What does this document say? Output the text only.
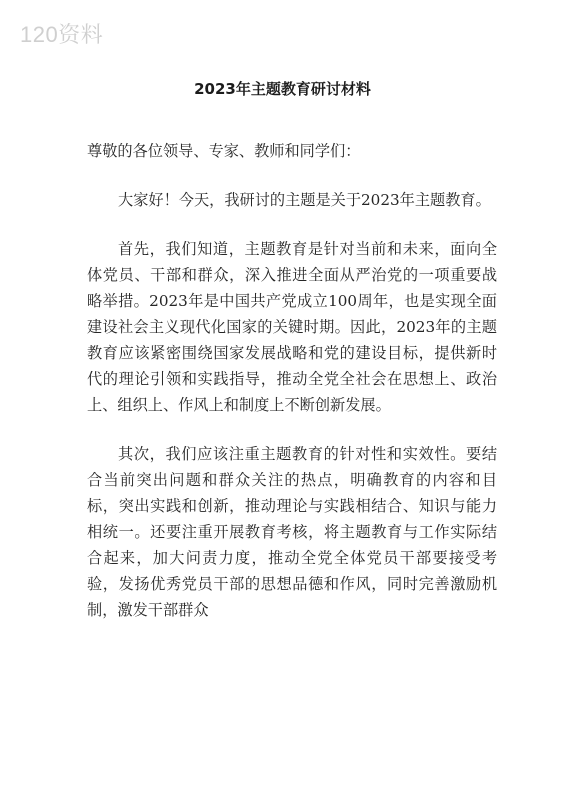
120资料
2023年主题教育研讨材料

尊敬的各位领导、专家、教师和同学们：

大家好！今天，我研讨的主题是关于2023年主题教育。

首先，我们知道，主题教育是针对当前和未来，面向全体党员、干部和群众，深入推进全面从严治党的一项重要战略举措。2023年是中国共产党成立100周年，也是实现全面建设社会主义现代化国家的关键时期。因此，2023年的主题教育应该紧密围绕国家发展战略和党的建设目标，提供新时代的理论引领和实践指导，推动全党全社会在思想上、政治上、组织上、作风上和制度上不断创新发展。

其次，我们应该注重主题教育的针对性和实效性。要结合当前突出问题和群众关注的热点，明确教育的内容和目标，突出实践和创新，推动理论与实践相结合、知识与能力相统一。还要注重开展教育考核，将主题教育与工作实际结合起来，加大问责力度，推动全党全体党员干部要接受考验，发扬优秀党员干部的思想品德和作风，同时完善激励机制，激发干部群众
